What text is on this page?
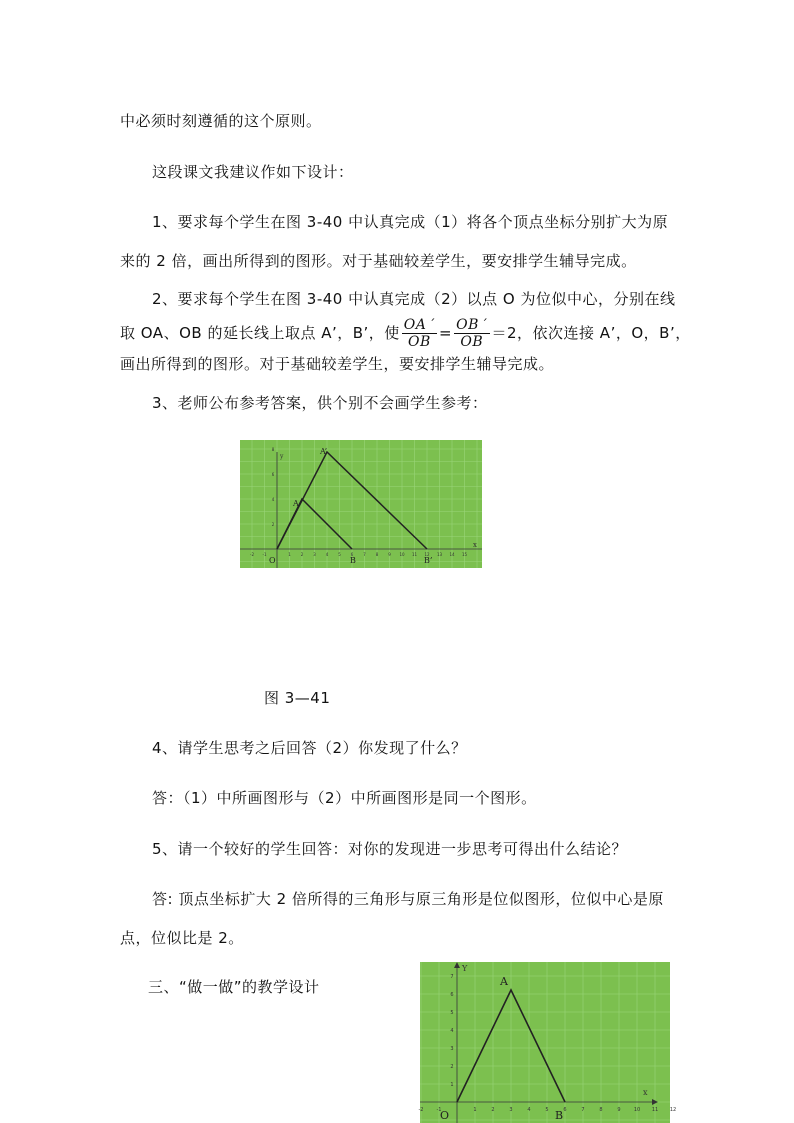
中必须时刻遵循的这个原则。
这段课文我建议作如下设计：
1、要求每个学生在图 3-40 中认真完成（1）将各个顶点坐标分别扩大为原
来的 2 倍，画出所得到的图形。对于基础较差学生，要安排学生辅导完成。
2、要求每个学生在图 3-40 中认真完成（2）以点 O 为位似中心，分别在线
取 OA、OB 的延长线上取点 A’，B’，使 $\frac{OA '}{OB} = \frac{OB '}{OB} =2$，依次连接 A’，O，B’，
画出所得到的图形。对于基础较差学生，要安排学生辅导完成。
3、老师公布参考答案，供个别不会画学生参考：
x
y
-2 -1	1 2 3 4 5 6 7 8 9 10 11 12 13 14 15
2
4
6
8
A
A’
O	B	B’
图 3—41
4、请学生思考之后回答（2）你发现了什么？
答：（1）中所画图形与（2）中所画图形是同一个图形。
5、请一个较好的学生回答：对你的发现进一步思考可得出什么结论？
答: 顶点坐标扩大 2 倍所得的三角形与原三角形是位似图形，位似中心是原
点，位似比是 2。
三、“做一做”的教学设计
x
Y
-2	-1	1	2	3	4	5	6	7	8	9	10 11 12
1
2
3
4
5
6
7	A
O	B
